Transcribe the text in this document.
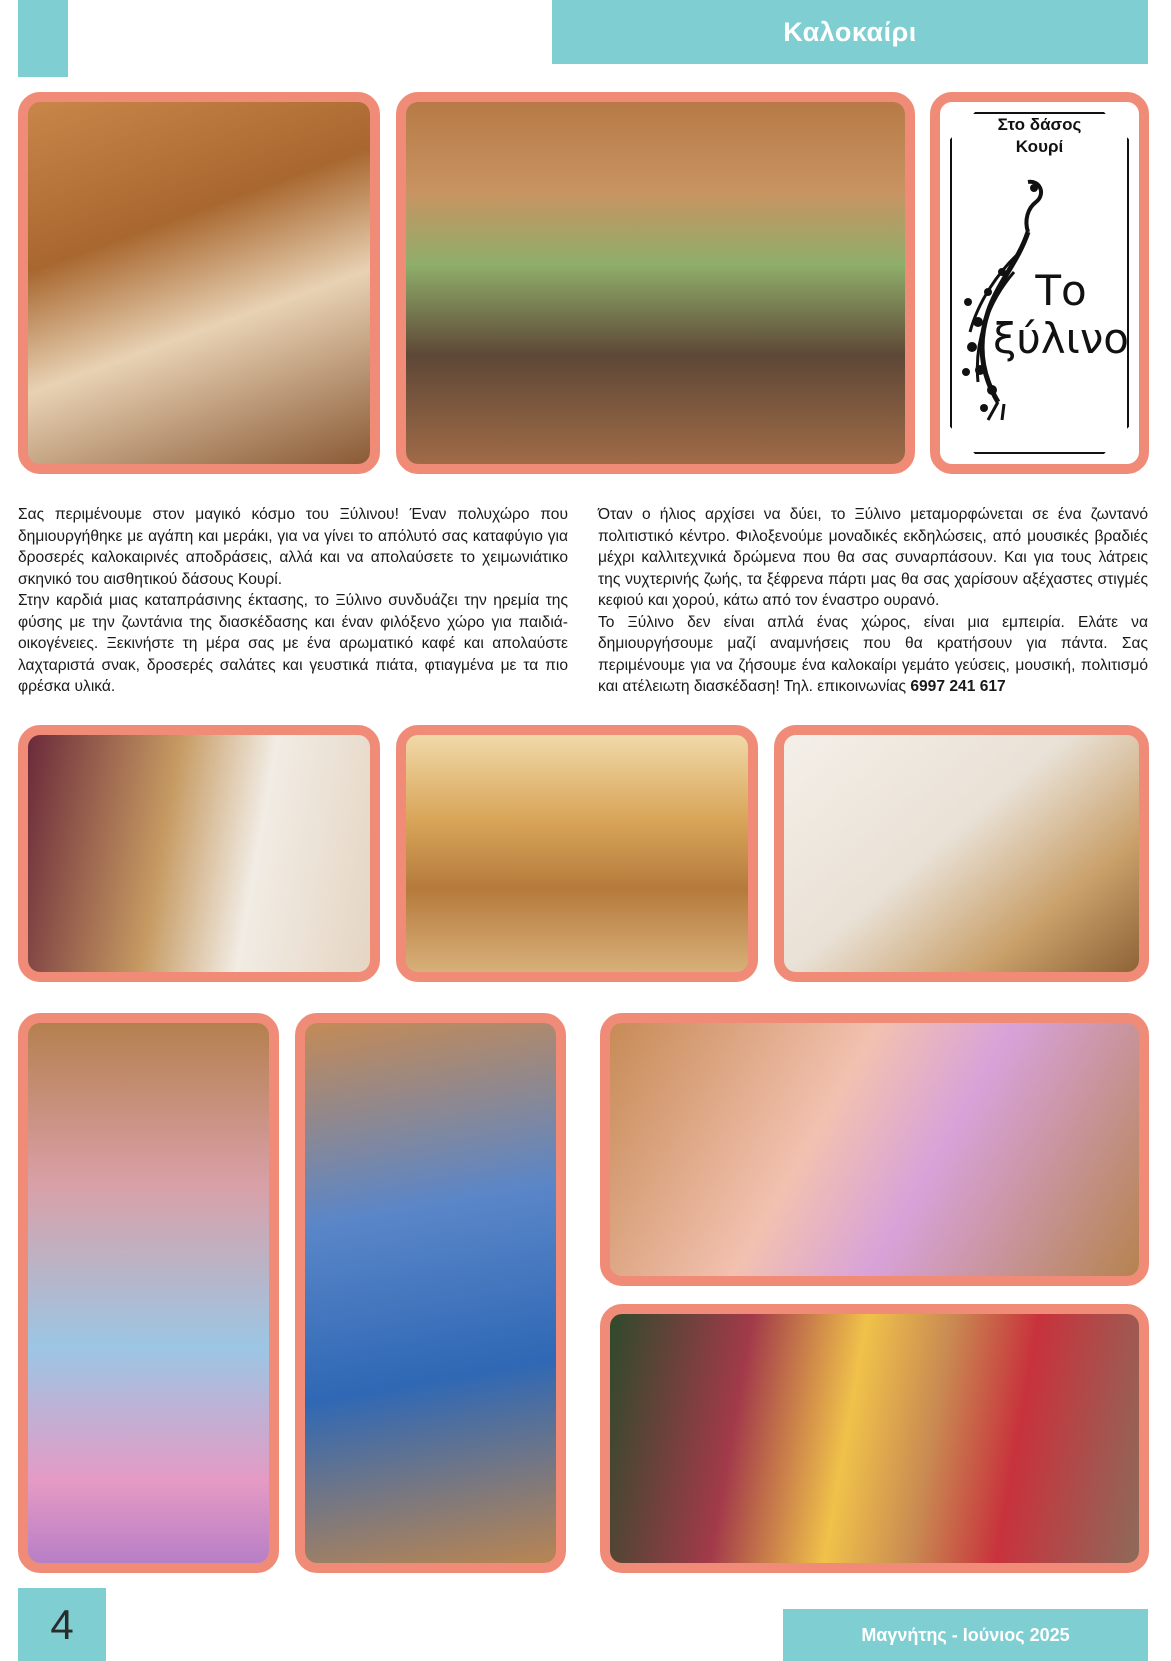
Καλοκαίρι
Στο δάσος
Κουρί
Το
ξύλινο

Σας περιμένουμε στον μαγικό κόσμο του Ξύλινου! Έναν πολυχώρο που δημιουργήθηκε με αγάπη και μεράκι, για να γίνει το απόλυτό σας καταφύγιο για δροσερές καλοκαιρινές αποδράσεις, αλλά και να απολαύσετε το χειμωνιάτικο σκηνικό του αισθητικού δάσους Κουρί.

Στην καρδιά μιας καταπράσινης έκτασης, το Ξύλινο συνδυάζει την ηρεμία της φύσης με την ζωντάνια της διασκέδασης και έναν φιλόξενο χώρο για παιδιά-οικογένειες. Ξεκινήστε τη μέρα σας με ένα αρωματικό καφέ και απολαύστε λαχταριστά σνακ, δροσερές σαλάτες και γευστικά πιάτα, φτιαγμένα με τα πιο φρέσκα υλικά.

Όταν ο ήλιος αρχίσει να δύει, το Ξύλινο μεταμορφώνεται σε ένα ζωντανό πολιτιστικό κέντρο. Φιλοξενούμε μοναδικές εκδηλώσεις, από μουσικές βραδιές μέχρι καλλιτεχνικά δρώμενα που θα σας συναρπάσουν. Και για τους λάτρεις της νυχτερινής ζωής, τα ξέφρενα πάρτι μας θα σας χαρίσουν αξέχαστες στιγμές κεφιού και χορού, κάτω από τον έναστρο ουρανό.

Το Ξύλινο δεν είναι απλά ένας χώρος, είναι μια εμπειρία. Ελάτε να δημιουργήσουμε μαζί αναμνήσεις που θα κρατήσουν για πάντα. Σας περιμένουμε για να ζήσουμε ένα καλοκαίρι γεμάτο γεύσεις, μουσική, πολιτισμό και ατέλειωτη διασκέδαση! Τηλ. επικοινωνίας 6997 241 617

4	Μαγνήτης - Ιούνιος 2025
